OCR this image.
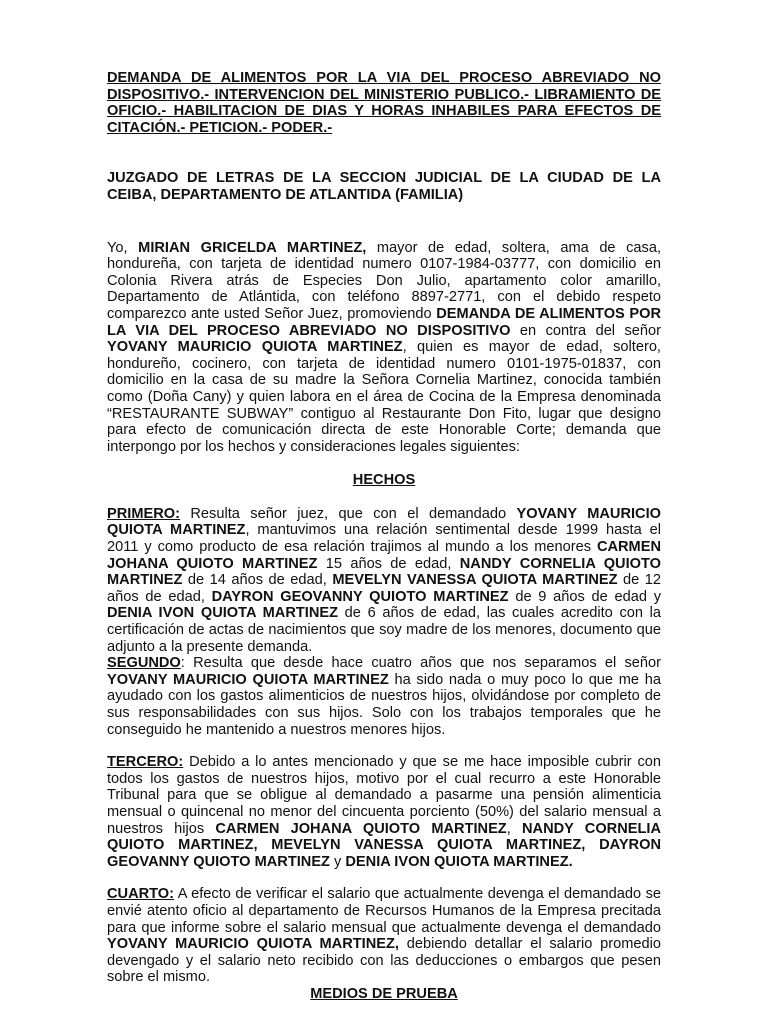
DEMANDA DE ALIMENTOS POR LA VIA DEL PROCESO ABREVIADO NO DISPOSITIVO.- INTERVENCION DEL MINISTERIO PUBLICO.- LIBRAMIENTO DE OFICIO.- HABILITACION DE DIAS Y HORAS INHABILES PARA EFECTOS DE CITACIÓN.- PETICION.- PODER.-

JUZGADO DE LETRAS DE LA SECCION JUDICIAL DE LA CIUDAD DE LA CEIBA, DEPARTAMENTO DE ATLANTIDA (FAMILIA)

Yo, MIRIAN GRICELDA MARTINEZ, mayor de edad, soltera, ama de casa, hondureña, con tarjeta de identidad numero 0107-1984-03777, con domicilio en Colonia Rivera atrás de Especies Don Julio, apartamento color amarillo, Departamento de Atlántida, con teléfono 8897-2771, con el debido respeto comparezco ante usted Señor Juez, promoviendo DEMANDA DE ALIMENTOS POR LA VIA DEL PROCESO ABREVIADO NO DISPOSITIVO en contra del señor YOVANY MAURICIO QUIOTA MARTINEZ, quien es mayor de edad, soltero, hondureño, cocinero, con tarjeta de identidad numero 0101-1975-01837, con domicilio en la casa de su madre la Señora Cornelia Martinez, conocida también como (Doña Cany) y quien labora en el área de Cocina de la Empresa denominada “RESTAURANTE SUBWAY” contiguo al Restaurante Don Fito, lugar que designo para efecto de comunicación directa de este Honorable Corte; demanda que interpongo por los hechos y consideraciones legales siguientes:

HECHOS

PRIMERO: Resulta señor juez, que con el demandado YOVANY MAURICIO QUIOTA MARTINEZ, mantuvimos una relación sentimental desde 1999 hasta el 2011 y como producto de esa relación trajimos al mundo a los menores CARMEN JOHANA QUIOTO MARTINEZ 15 años de edad, NANDY CORNELIA QUIOTO MARTINEZ de 14 años de edad, MEVELYN VANESSA QUIOTA MARTINEZ de 12 años de edad, DAYRON GEOVANNY QUIOTO MARTINEZ de 9 años de edad y DENIA IVON QUIOTA MARTINEZ de 6 años de edad, las cuales acredito con la certificación de actas de nacimientos que soy madre de los menores, documento que adjunto a la presente demanda.

SEGUNDO: Resulta que desde hace cuatro años que nos separamos el señor YOVANY MAURICIO QUIOTA MARTINEZ ha sido nada o muy poco lo que me ha ayudado con los gastos alimenticios de nuestros hijos, olvidándose por completo de sus responsabilidades con sus hijos. Solo con los trabajos temporales que he conseguido he mantenido a nuestros menores hijos.

TERCERO: Debido a lo antes mencionado y que se me hace imposible cubrir con todos los gastos de nuestros hijos, motivo por el cual recurro a este Honorable Tribunal para que se obligue al demandado a pasarme una pensión alimenticia mensual o quincenal no menor del cincuenta porciento (50%) del salario mensual a nuestros hijos CARMEN JOHANA QUIOTO MARTINEZ, NANDY CORNELIA QUIOTO MARTINEZ, MEVELYN VANESSA QUIOTA MARTINEZ, DAYRON GEOVANNY QUIOTO MARTINEZ y DENIA IVON QUIOTA MARTINEZ.

CUARTO: A efecto de verificar el salario que actualmente devenga el demandado se envié atento oficio al departamento de Recursos Humanos de la Empresa precitada para que informe sobre el salario mensual que actualmente devenga el demandado YOVANY MAURICIO QUIOTA MARTINEZ, debiendo detallar el salario promedio devengado y el salario neto recibido con las deducciones o embargos que pesen sobre el mismo.

MEDIOS DE PRUEBA
